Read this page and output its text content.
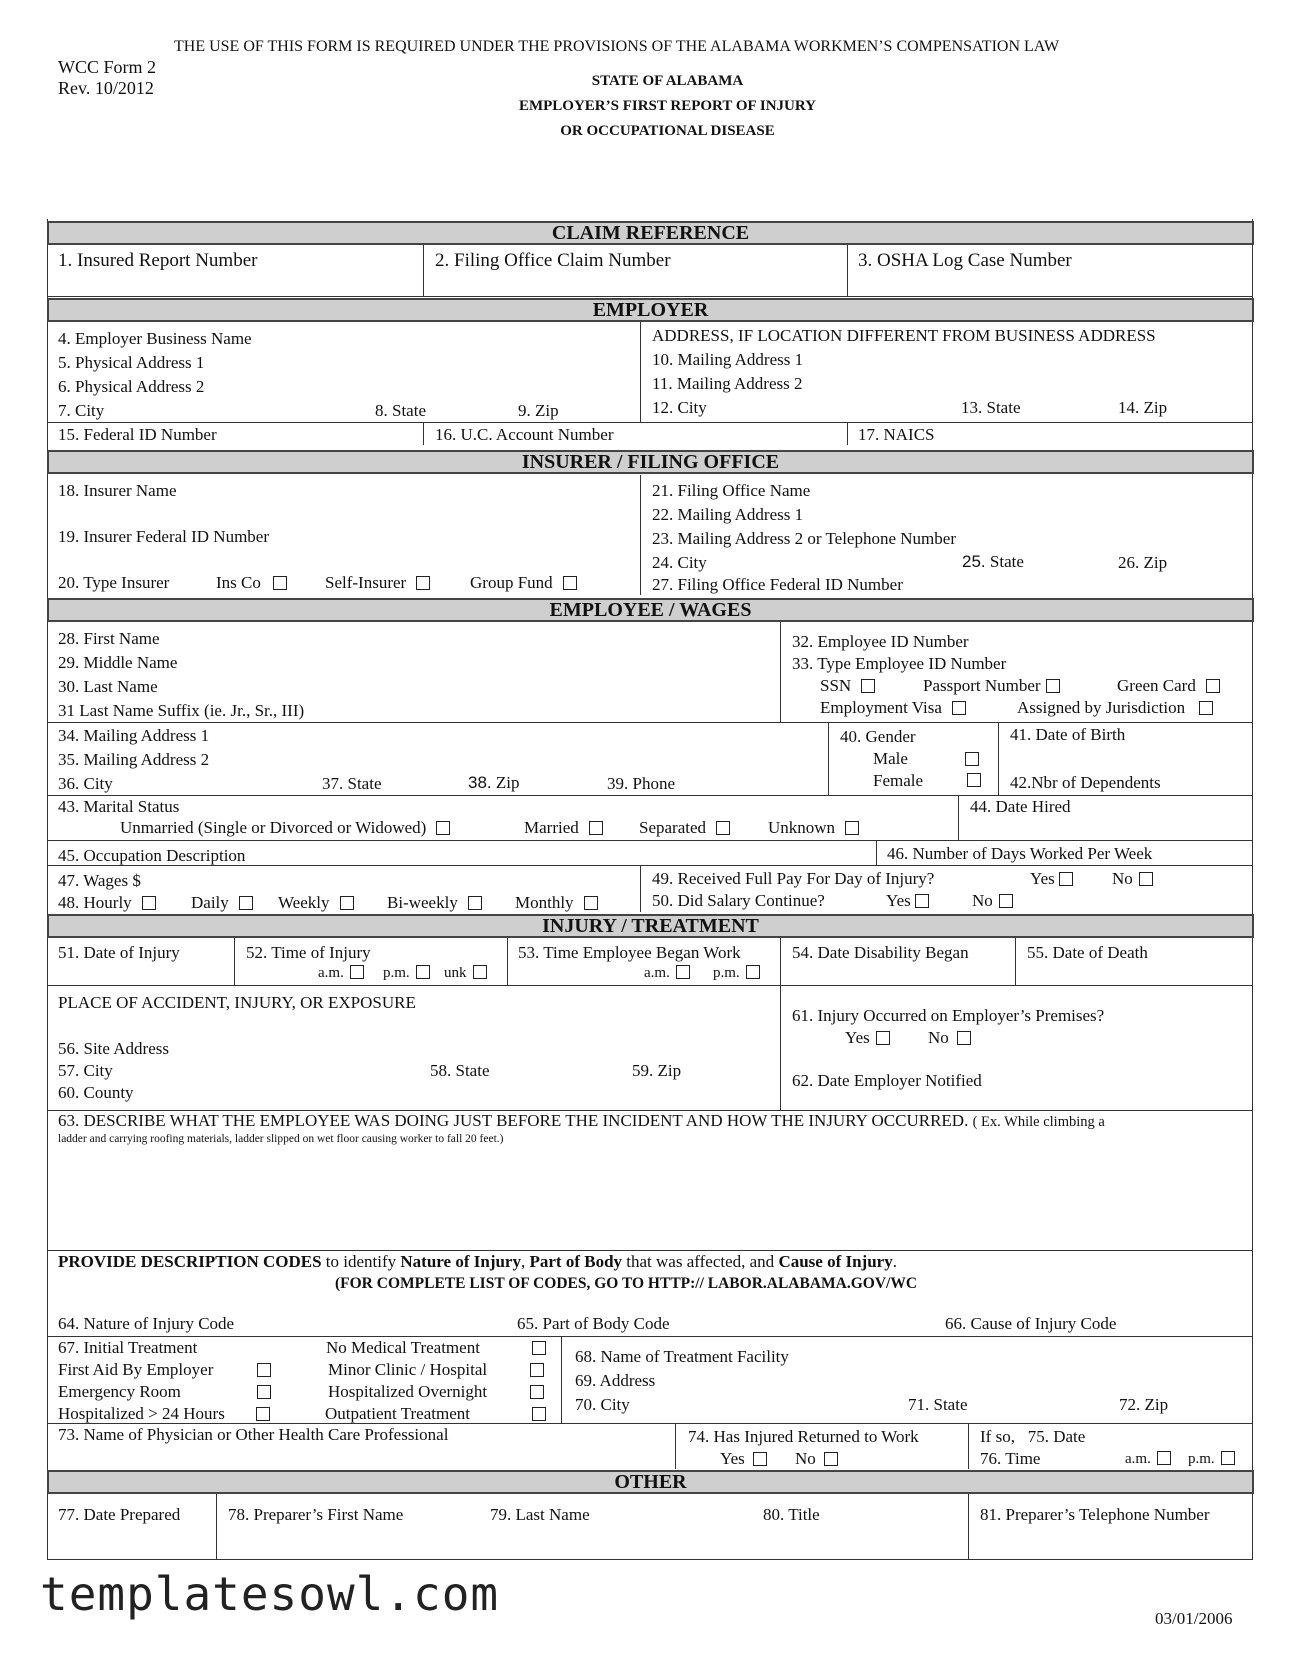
THE USE OF THIS FORM IS REQUIRED UNDER THE PROVISIONS OF THE ALABAMA WORKMEN’S COMPENSATION LAW
WCC Form 2
Rev. 10/2012	STATE OF ALABAMA
EMPLOYER’S FIRST REPORT OF INJURY
OR OCCUPATIONAL DISEASE
CLAIM REFERENCE
1. Insured Report Number	2. Filing Office Claim Number	3. OSHA Log Case Number
EMPLOYER
4. Employer Business Name
5. Physical Address 1
6. Physical Address 2
7. City	8. State	9. Zip
ADDRESS, IF LOCATION DIFFERENT FROM BUSINESS ADDRESS
10. Mailing Address 1
11. Mailing Address 2
12. City	13. State	14. Zip
15. Federal ID Number	16. U.C. Account Number	17. NAICS
INSURER / FILING OFFICE
18. Insurer Name
19. Insurer Federal ID Number
20. Type Insurer	Ins Co	Self-Insurer	Group Fund
21. Filing Office Name
22. Mailing Address 1
23. Mailing Address 2 or Telephone Number
24. City	25. State	26. Zip
27. Filing Office Federal ID Number
EMPLOYEE / WAGES
28. First Name
29. Middle Name
30. Last Name
31 Last Name Suffix (ie. Jr., Sr., III)
32. Employee ID Number
33. Type Employee ID Number
SSN	Passport Number	Green Card
Employment Visa	Assigned by Jurisdiction
34. Mailing Address 1
35. Mailing Address 2
36. City	37. State	38. Zip	39. Phone
40. Gender
Male
Female
41. Date of Birth
42.Nbr of Dependents
43. Marital Status
Unmarried (Single or Divorced or Widowed)	Married	Separated	Unknown
44. Date Hired
45. Occupation Description	46. Number of Days Worked Per Week
47. Wages $
48. Hourly	Daily	Weekly	Bi-weekly	Monthly
49. Received Full Pay For Day of Injury?	Yes	No
50. Did Salary Continue?	Yes	No
INJURY / TREATMENT
51. Date of Injury	52. Time of Injury
a.m.	p.m.	unk
53. Time Employee Began Work
a.m.	p.m.
54. Date Disability Began	55. Date of Death
PLACE OF ACCIDENT, INJURY, OR EXPOSURE
56. Site Address
57. City	58. State	59. Zip
60. County
61. Injury Occurred on Employer’s Premises?
Yes	No
62. Date Employer Notified
63. DESCRIBE WHAT THE EMPLOYEE WAS DOING JUST BEFORE THE INCIDENT AND HOW THE INJURY OCCURRED. ( Ex. While climbing a
ladder and carrying roofing materials, ladder slipped on wet floor causing worker to fall 20 feet.)
PROVIDE DESCRIPTION CODES to identify Nature of Injury, Part of Body that was affected, and Cause of Injury.
(FOR COMPLETE LIST OF CODES, GO TO HTTP:// LABOR.ALABAMA.GOV/WC
64. Nature of Injury Code	65. Part of Body Code	66. Cause of Injury Code
67. Initial Treatment
First Aid By Employer
Emergency Room
Hospitalized > 24 Hours
No Medical Treatment
Minor Clinic / Hospital
Hospitalized Overnight
Outpatient Treatment
68. Name of Treatment Facility
69. Address
70. City	71. State	72. Zip
73. Name of Physician or Other Health Care Professional	74. Has Injured Returned to Work
Yes	No
If so, 75. Date
76. Time	a.m.	p.m.
OTHER
77. Date Prepared	78. Preparer’s First Name	79. Last Name	80. Title	81. Preparer’s Telephone Number
templatesowl.com	03/01/2006
